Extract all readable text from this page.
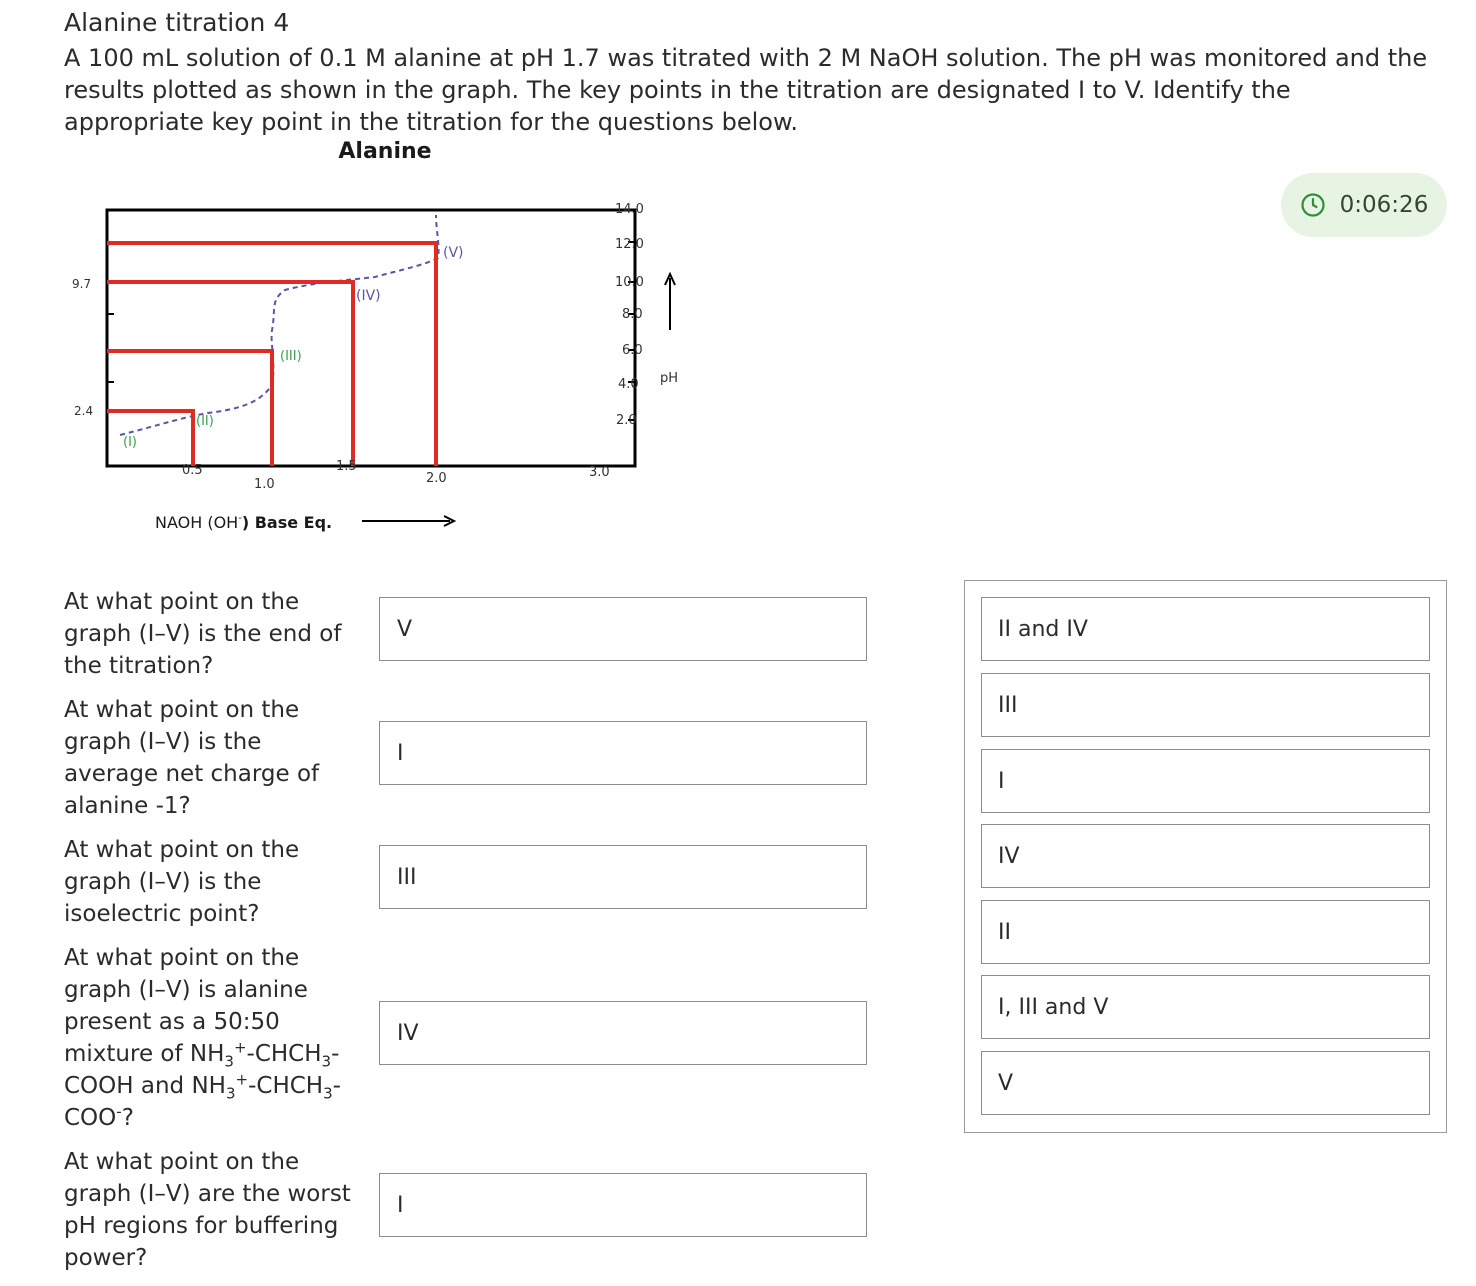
Alanine titration 4
A 100 mL solution of 0.1 M alanine at pH 1.7 was titrated with 2 M NaOH solution. The pH was monitored and the results plotted as shown in the graph. The key points in the titration are designated I to V. Identify the appropriate key point in the titration for the questions below.
0:06:26
Alanine
(I)
(II)
(III)
(IV)
(V)
9.7
2.4
14.0
12.0
10.0
8.0
6.0
4.0
2.0
pH
0.5
1.0
1.5
2.0	3.0
NAOH (OH-) Base Eq.
At what point on the graph (I–V) is the end of the titration?
At what point on the graph (I–V) is the average net charge of alanine -1?
At what point on the graph (I–V) is the isoelectric point?
At what point on the graph (I–V) is alanine present as a 50:50 mixture of $NH_3^+-CHCH_3$-COOH and $NH_3^+-CHCH_3-COO^-$?
At what point on the graph (I–V) are the worst pH regions for buffering power?
V
I
III
IV
I
II and IV
III
I
IV
II
I, III and V
V
